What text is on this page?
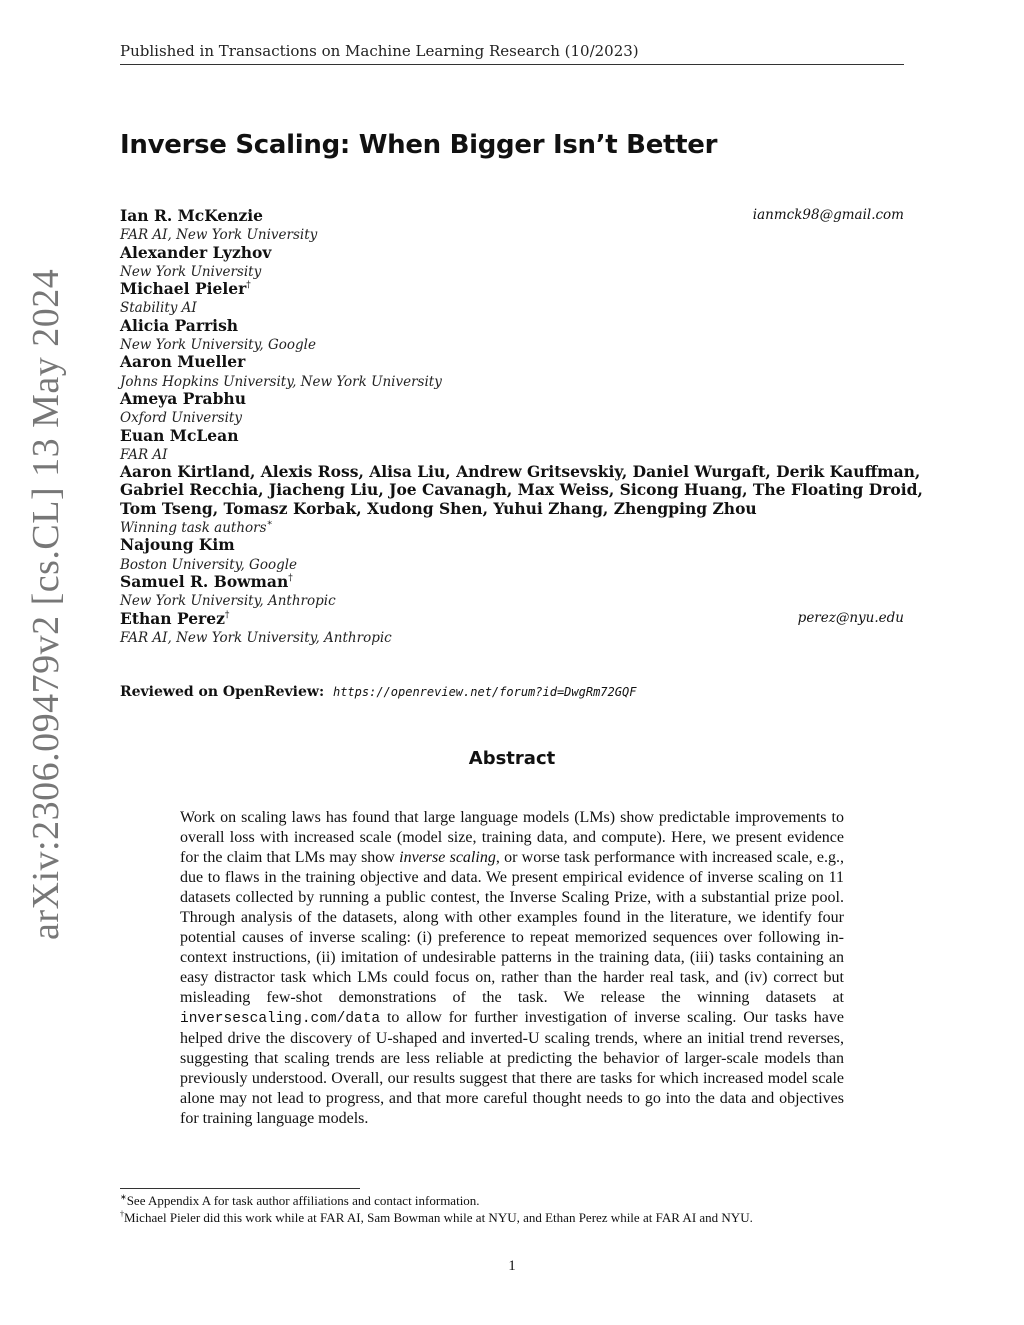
Published in Transactions on Machine Learning Research (10/2023)
arXiv:2306.09479v2 [cs.CL] 13 May 2024
Inverse Scaling: When Bigger Isn’t Better
Ian R. McKenzie	ianmck98@gmail.com
FAR AI, New York University
Alexander Lyzhov
New York University
Michael Pieler†
Stability AI
Alicia Parrish
New York University, Google
Aaron Mueller
Johns Hopkins University, New York University
Ameya Prabhu
Oxford University
Euan McLean
FAR AI
Aaron Kirtland, Alexis Ross, Alisa Liu, Andrew Gritsevskiy, Daniel Wurgaft, Derik Kauffman,
Gabriel Recchia, Jiacheng Liu, Joe Cavanagh, Max Weiss, Sicong Huang, The Floating Droid,
Tom Tseng, Tomasz Korbak, Xudong Shen, Yuhui Zhang, Zhengping Zhou
Winning task authors∗
Najoung Kim
Boston University, Google
Samuel R. Bowman†
New York University, Anthropic
Ethan Perez†	perez@nyu.edu
FAR AI, New York University, Anthropic
Reviewed on OpenReview: https://openreview.net/forum?id=DwgRm72GQF
Abstract
Work on scaling laws has found that large language models (LMs) show predictable improvements to overall loss with increased scale (model size, training data, and compute). Here, we present evidence for the claim that LMs may show inverse scaling, or worse task performance with increased scale, e.g., due to flaws in the training objective and data. We present empirical evidence of inverse scaling on 11 datasets collected by running a public contest, the Inverse Scaling Prize, with a substantial prize pool. Through analysis of the datasets, along with other examples found in the literature, we identify four potential causes of inverse scaling: (i) preference to repeat memorized sequences over following in-context instructions, (ii) imitation of undesirable patterns in the training data, (iii) tasks containing an easy distractor task which LMs could focus on, rather than the harder real task, and (iv) correct but misleading few-shot demonstrations of the task. We release the winning datasets at inversescaling.com/data to allow for further investigation of inverse scaling. Our tasks have helped drive the discovery of U-shaped and inverted-U scaling trends, where an initial trend reverses, suggesting that scaling trends are less reliable at predicting the behavior of larger-scale models than previously understood. Overall, our results suggest that there are tasks for which increased model scale alone may not lead to progress, and that more careful thought needs to go into the data and objectives for training language models.
∗See Appendix A for task author affiliations and contact information.
†Michael Pieler did this work while at FAR AI, Sam Bowman while at NYU, and Ethan Perez while at FAR AI and NYU.
1
